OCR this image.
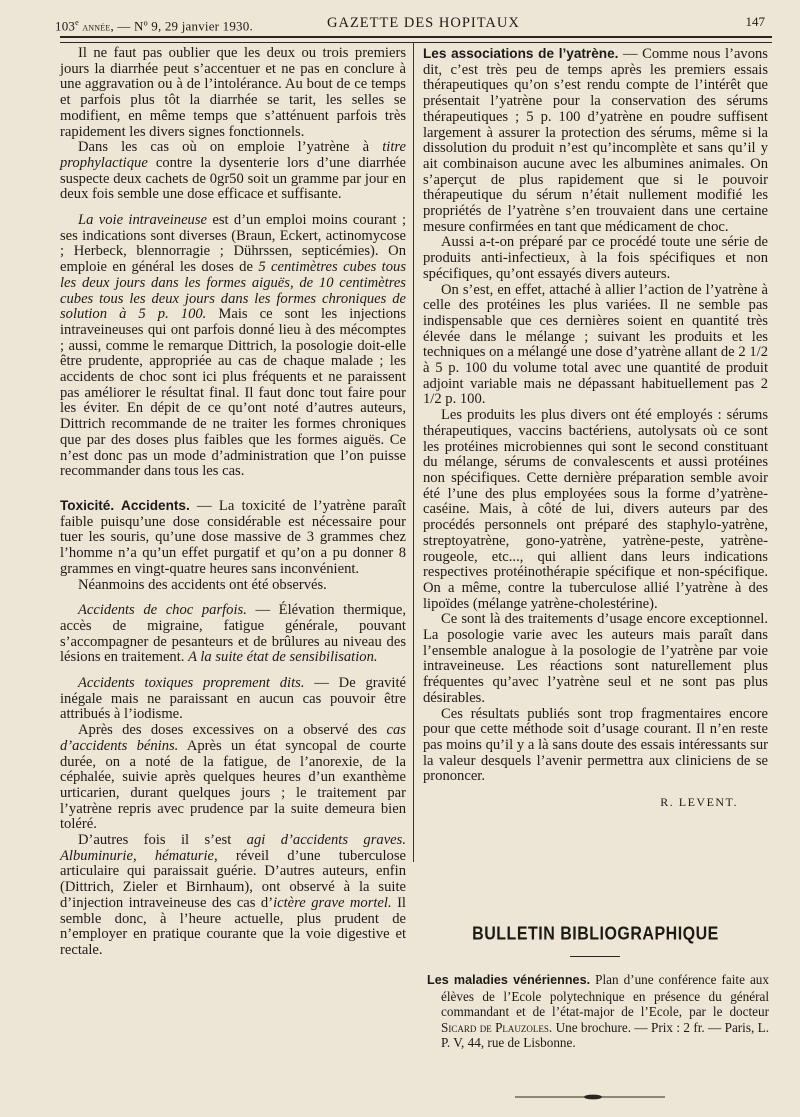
103e année, — Nº 9, 29 janvier 1930.	GAZETTE DES HOPITAUX	147

Il ne faut pas oublier que les deux ou trois premiers jours la diarrhée peut s’accentuer et ne pas en conclure à une aggravation ou à de l’intolérance. Au bout de ce temps et parfois plus tôt la diarrhée se tarit, les selles se modifient, en même temps que s’atténuent parfois très rapidement les divers signes fonctionnels.

Dans les cas où on emploie l’yatrène à titre prophylactique contre la dysenterie lors d’une diarrhée suspecte deux cachets de 0gr50 soit un gramme par jour en deux fois semble une dose efficace et suffisante.

La voie intraveineuse est d’un emploi moins courant ; ses indications sont diverses (Braun, Eckert, actinomycose ; Herbeck, blennorragie ; Dührssen, septicémies). On emploie en général les doses de 5 centimètres cubes tous les deux jours dans les formes aiguës, de 10 centimètres cubes tous les deux jours dans les formes chroniques de solution à 5 p. 100. Mais ce sont les injections intraveineuses qui ont parfois donné lieu à des mécomptes ; aussi, comme le remarque Dittrich, la posologie doit-elle être prudente, appropriée au cas de chaque malade ; les accidents de choc sont ici plus fréquents et ne paraissent pas améliorer le résultat final. Il faut donc tout faire pour les éviter. En dépit de ce qu’ont noté d’autres auteurs, Dittrich recommande de ne traiter les formes chroniques que par des doses plus faibles que les formes aiguës. Ce n’est donc pas un mode d’administration que l’on puisse recommander dans tous les cas.

Toxicité. Accidents. — La toxicité de l’yatrène paraît faible puisqu’une dose considérable est nécessaire pour tuer les souris, qu’une dose massive de 3 grammes chez l’homme n’a qu’un effet purgatif et qu’on a pu donner 8 grammes en vingt-quatre heures sans inconvénient.

Néanmoins des accidents ont été observés.

Accidents de choc parfois. — Élévation thermique, accès de migraine, fatigue générale, pouvant s’accompagner de pesanteurs et de brûlures au niveau des lésions en traitement. A la suite état de sensibilisation.

Accidents toxiques proprement dits. — De gravité inégale mais ne paraissant en aucun cas pouvoir être attribués à l’iodisme.

Après des doses excessives on a observé des cas d’accidents bénins. Après un état syncopal de courte durée, on a noté de la fatigue, de l’anorexie, de la céphalée, suivie après quelques heures d’un exanthème urticarien, durant quelques jours ; le traitement par l’yatrène repris avec prudence par la suite demeura bien toléré.

D’autres fois il s’est agi d’accidents graves. Albuminurie, hématurie, réveil d’une tuberculose articulaire qui paraissait guérie. D’autres auteurs, enfin (Dittrich, Zieler et Birnhaum), ont observé à la suite d’injection intraveineuse des cas d’ictère grave mortel. Il semble donc, à l’heure actuelle, plus prudent de n’employer en pratique courante que la voie digestive et rectale.

Les associations de l’yatrène. — Comme nous l’avons dit, c’est très peu de temps après les premiers essais thérapeutiques qu’on s’est rendu compte de l’intérêt que présentait l’yatrène pour la conservation des sérums thérapeutiques ; 5 p. 100 d’yatrène en poudre suffisent largement à assurer la protection des sérums, même si la dissolution du produit n’est qu’incomplète et sans qu’il y ait combinaison aucune avec les albumines animales. On s’aperçut de plus rapidement que si le pouvoir thérapeutique du sérum n’était nullement modifié les propriétés de l’yatrène s’en trouvaient dans une certaine mesure confirmées en tant que médicament de choc.

Aussi a-t-on préparé par ce procédé toute une série de produits anti-infectieux, à la fois spécifiques et non spécifiques, qu’ont essayés divers auteurs.

On s’est, en effet, attaché à allier l’action de l’yatrène à celle des protéines les plus variées. Il ne semble pas indispensable que ces dernières soient en quantité très élevée dans le mélange ; suivant les produits et les techniques on a mélangé une dose d’yatrène allant de 2 1/2 à 5 p. 100 du volume total avec une quantité de produit adjoint variable mais ne dépassant habituellement pas 2 1/2 p. 100.

Les produits les plus divers ont été employés : sérums thérapeutiques, vaccins bactériens, autolysats où ce sont les protéines microbiennes qui sont le second constituant du mélange, sérums de convalescents et aussi protéines non spécifiques. Cette dernière préparation semble avoir été l’une des plus employées sous la forme d’yatrène-caséine. Mais, à côté de lui, divers auteurs par des procédés personnels ont préparé des staphylo-yatrène, streptoyatrène, gono-yatrène, yatrène-peste, yatrène-rougeole, etc..., qui allient dans leurs indications respectives protéinothérapie spécifique et non-spécifique. On a même, contre la tuberculose allié l’yatrène à des lipoïdes (mélange yatrène-cholestérine).

Ce sont là des traitements d’usage encore exceptionnel. La posologie varie avec les auteurs mais paraît dans l’ensemble analogue à la posologie de l’yatrène par voie intraveineuse. Les réactions sont naturellement plus fréquentes qu’avec l’yatrène seul et ne sont pas plus désirables.

Ces résultats publiés sont trop fragmentaires encore pour que cette méthode soit d’usage courant. Il n’en reste pas moins qu’il y a là sans doute des essais intéressants sur la valeur desquels l’avenir permettra aux cliniciens de se prononcer.

R. LEVENT.
BULLETIN BIBLIOGRAPHIQUE

Les maladies vénériennes. Plan d’une conférence faite aux élèves de l’Ecole polytechnique en présence du général commandant et de l’état-major de l’Ecole, par le docteur Sicard de Plauzoles. Une brochure. — Prix : 2 fr. — Paris, L. P. V, 44, rue de Lisbonne.
